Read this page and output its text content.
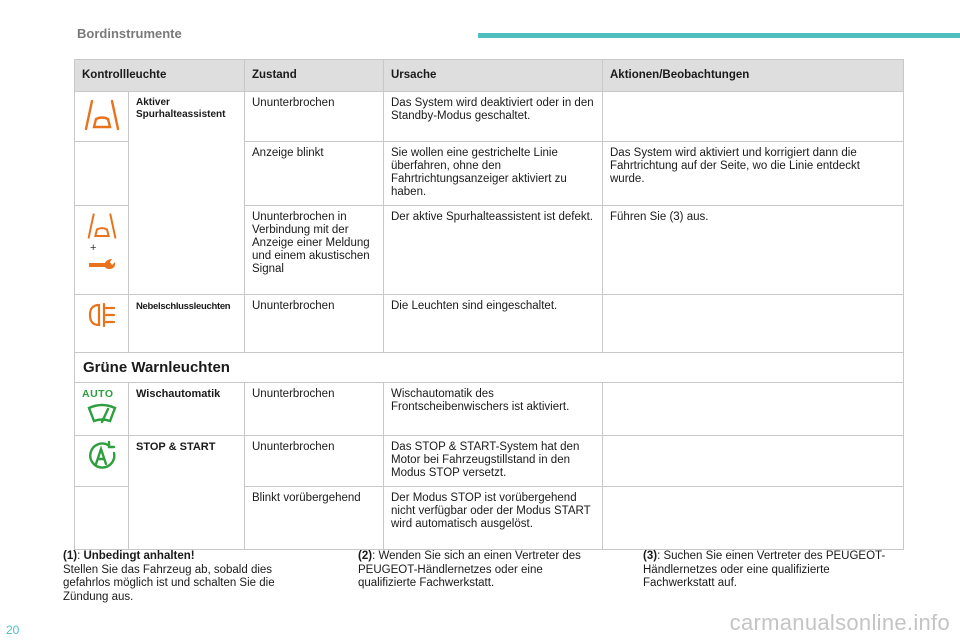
Bordinstrumente
Kontrollleuchte		Zustand	Ursache	Aktionen/Beobachtungen

	Aktiver Spurhalteassistent	Ununterbrochen	Das System wird deaktiviert oder in den Standby-Modus geschaltet.	
		Anzeige blinkt	Sie wollen eine gestrichelte Linie überfahren, ohne den Fahrtrichtungsanzeiger aktiviert zu haben.	Das System wird aktiviert und korrigiert dann die Fahrtrichtung auf der Seite, wo die Linie entdeckt wurde.

+		Ununterbrochen in Verbindung mit der Anzeige einer Meldung und einem akustischen Signal	Der aktive Spurhalteassistent ist defekt.	Führen Sie (3) aus.

	Nebelschlussleuchten	Ununterbrochen	Die Leuchten sind eingeschaltet.	
Grüne Warnleuchten				

AUTO	Wischautomatik	Ununterbrochen	Wischautomatik des Frontscheibenwischers ist aktiviert.	

	STOP & START	Ununterbrochen	Das STOP & START-System hat den Motor bei Fahrzeugstillstand in den Modus STOP versetzt.	
		Blinkt vorübergehend	Der Modus STOP ist vorübergehend nicht verfügbar oder der Modus START wird automatisch ausgelöst.	
(1): Unbedingt anhalten!
Stellen Sie das Fahrzeug ab, sobald dies gefahrlos möglich ist und schalten Sie die Zündung aus.
(2): Wenden Sie sich an einen Vertreter des PEUGEOT-Händlernetzes oder eine qualifizierte Fachwerkstatt.
(3): Suchen Sie einen Vertreter des PEUGEOT-Händlernetzes oder eine qualifizierte Fachwerkstatt auf.
20	carmanualsonline.info
